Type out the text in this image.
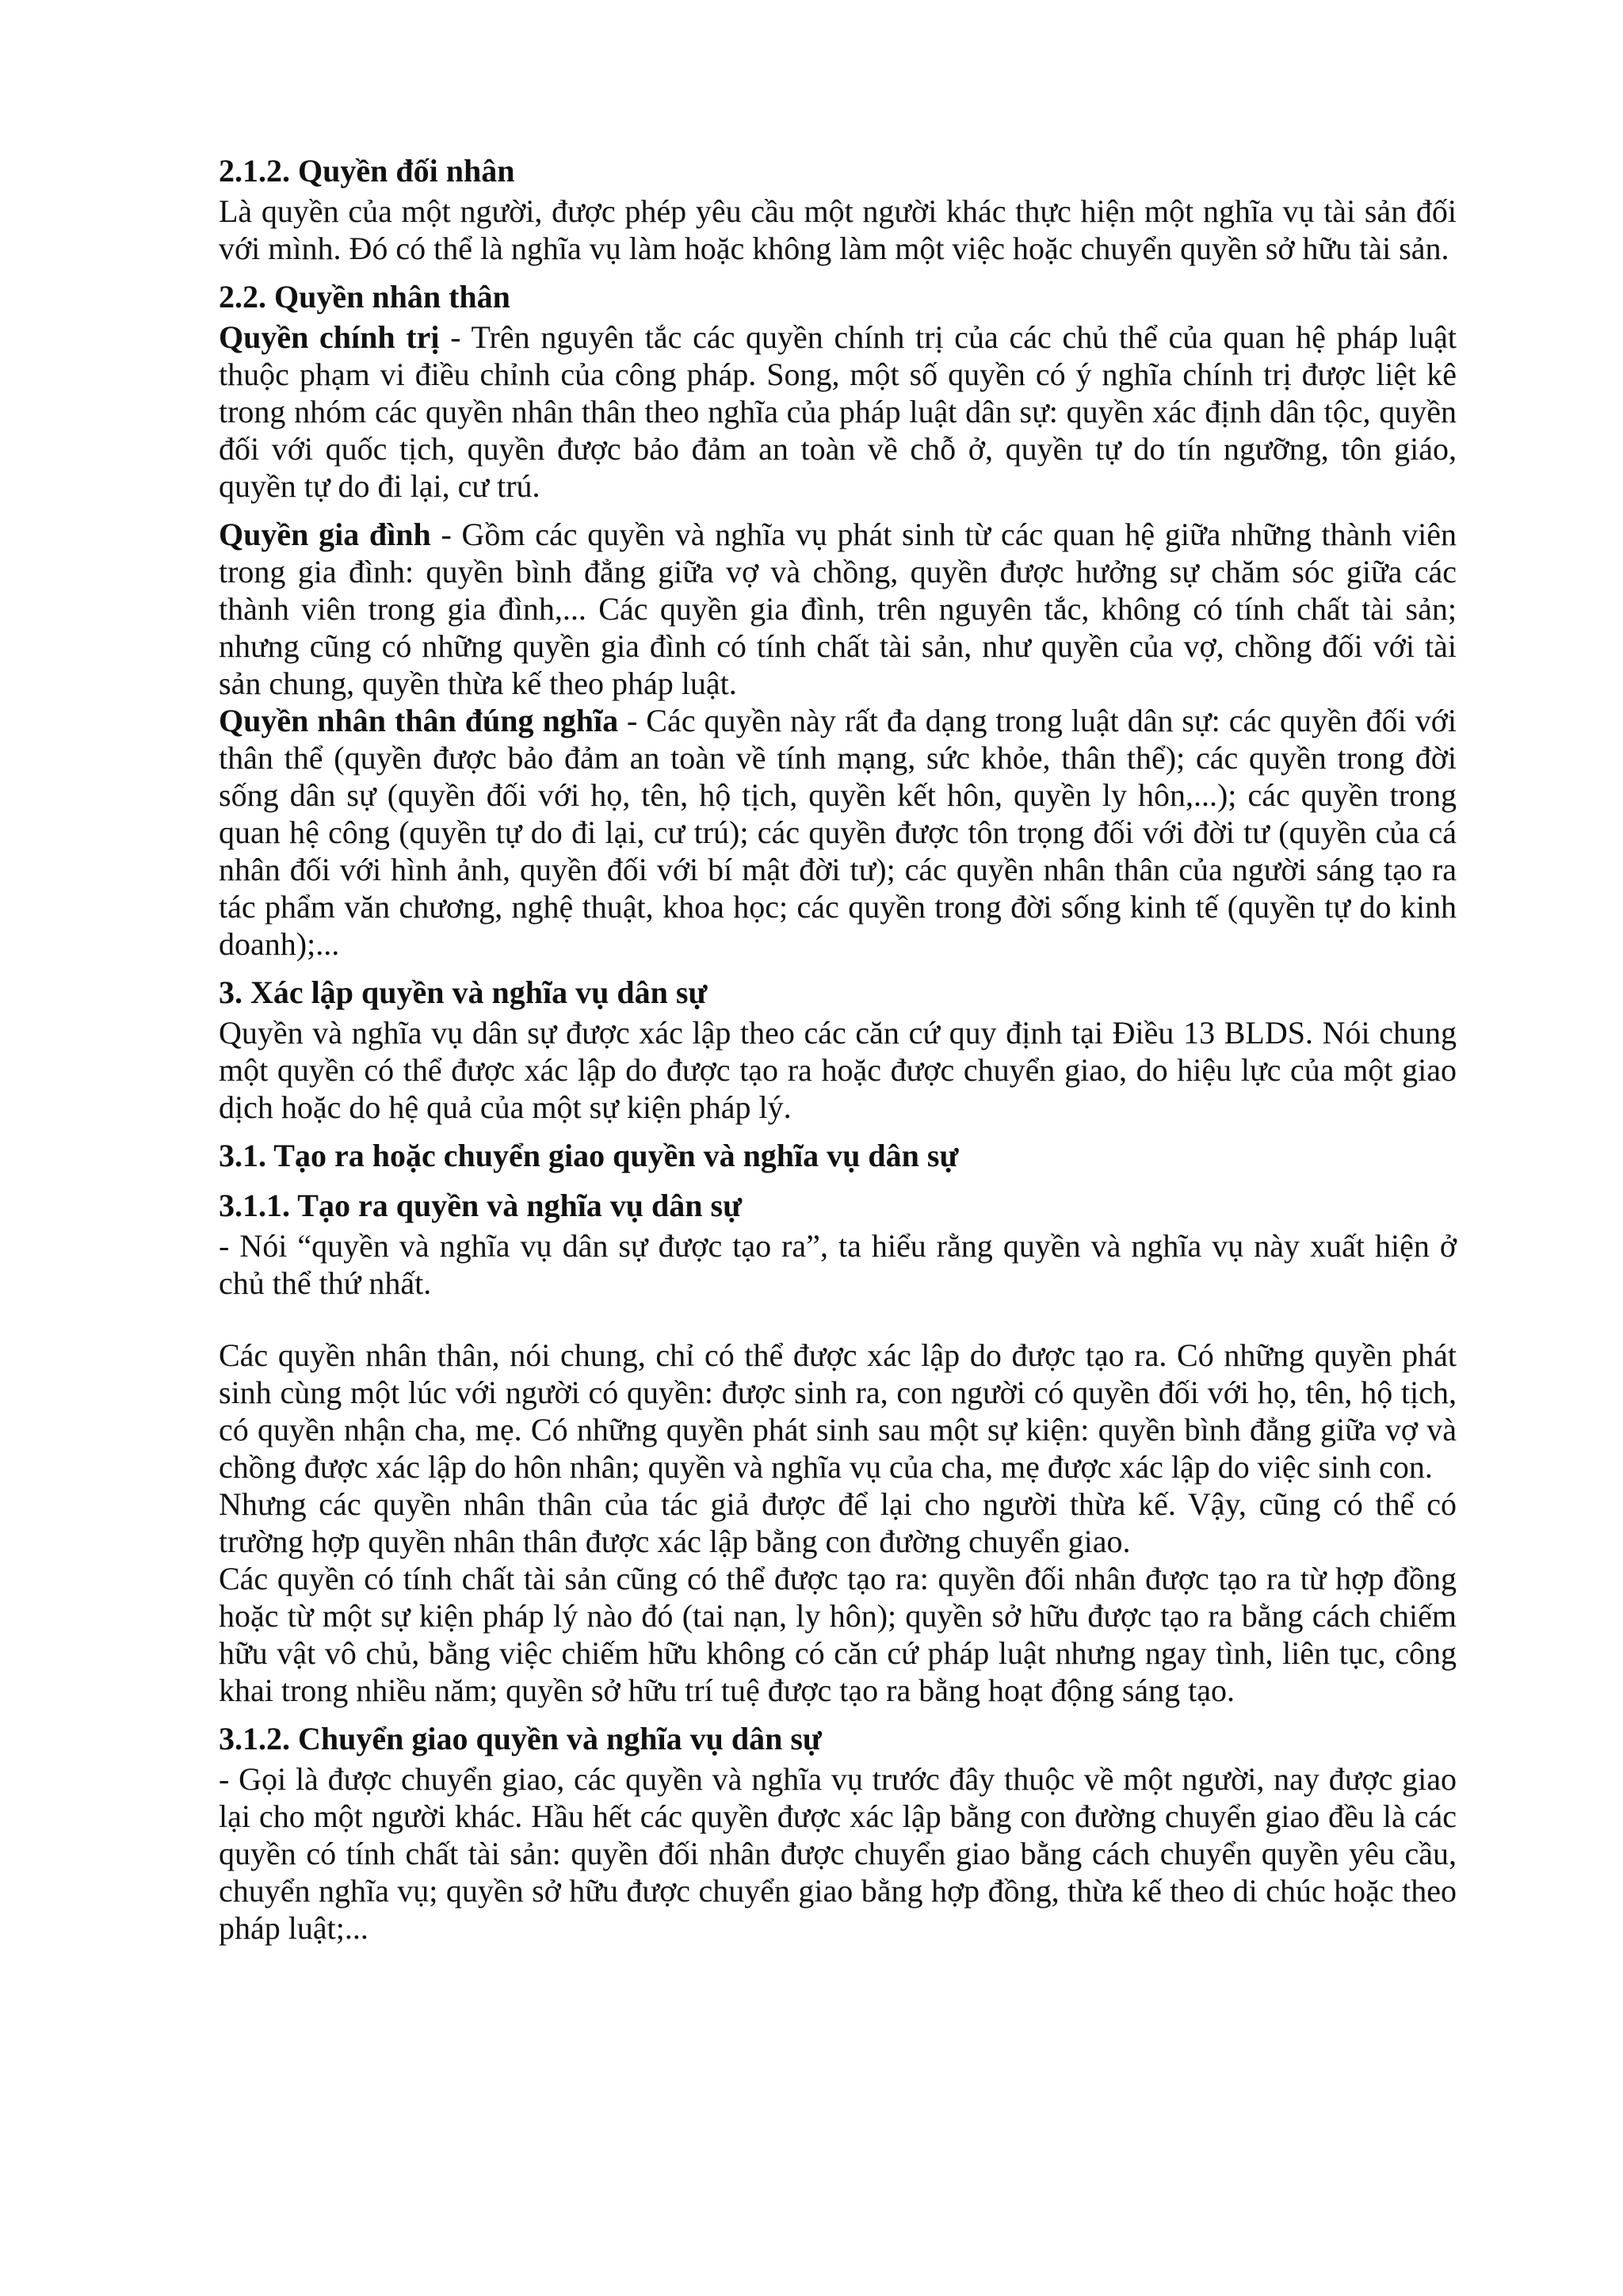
2.1.2. Quyền đối nhân
Là quyền của một người, được phép yêu cầu một người khác thực hiện một nghĩa vụ tài sản đối với mình. Đó có thể là nghĩa vụ làm hoặc không làm một việc hoặc chuyển quyền sở hữu tài sản.
2.2. Quyền nhân thân
Quyền chính trị - Trên nguyên tắc các quyền chính trị của các chủ thể của quan hệ pháp luật thuộc phạm vi điều chỉnh của công pháp. Song, một số quyền có ý nghĩa chính trị được liệt kê trong nhóm các quyền nhân thân theo nghĩa của pháp luật dân sự: quyền xác định dân tộc, quyền đối với quốc tịch, quyền được bảo đảm an toàn về chỗ ở, quyền tự do tín ngưỡng, tôn giáo, quyền tự do đi lại, cư trú.
Quyền gia đình - Gồm các quyền và nghĩa vụ phát sinh từ các quan hệ giữa những thành viên trong gia đình: quyền bình đẳng giữa vợ và chồng, quyền được hưởng sự chăm sóc giữa các thành viên trong gia đình,... Các quyền gia đình, trên nguyên tắc, không có tính chất tài sản; nhưng cũng có những quyền gia đình có tính chất tài sản, như quyền của vợ, chồng đối với tài sản chung, quyền thừa kế theo pháp luật.
Quyền nhân thân đúng nghĩa - Các quyền này rất đa dạng trong luật dân sự: các quyền đối với thân thể (quyền được bảo đảm an toàn về tính mạng, sức khỏe, thân thể); các quyền trong đời sống dân sự (quyền đối với họ, tên, hộ tịch, quyền kết hôn, quyền ly hôn,...); các quyền trong quan hệ công (quyền tự do đi lại, cư trú); các quyền được tôn trọng đối với đời tư (quyền của cá nhân đối với hình ảnh, quyền đối với bí mật đời tư); các quyền nhân thân của người sáng tạo ra tác phẩm văn chương, nghệ thuật, khoa học; các quyền trong đời sống kinh tế (quyền tự do kinh doanh);...
3. Xác lập quyền và nghĩa vụ dân sự
Quyền và nghĩa vụ dân sự được xác lập theo các căn cứ quy định tại Điều 13 BLDS. Nói chung một quyền có thể được xác lập do được tạo ra hoặc được chuyển giao, do hiệu lực của một giao dịch hoặc do hệ quả của một sự kiện pháp lý.
3.1. Tạo ra hoặc chuyển giao quyền và nghĩa vụ dân sự
3.1.1. Tạo ra quyền và nghĩa vụ dân sự
- Nói “quyền và nghĩa vụ dân sự được tạo ra”, ta hiểu rằng quyền và nghĩa vụ này xuất hiện ở chủ thể thứ nhất.
Các quyền nhân thân, nói chung, chỉ có thể được xác lập do được tạo ra. Có những quyền phát sinh cùng một lúc với người có quyền: được sinh ra, con người có quyền đối với họ, tên, hộ tịch, có quyền nhận cha, mẹ. Có những quyền phát sinh sau một sự kiện: quyền bình đẳng giữa vợ và chồng được xác lập do hôn nhân; quyền và nghĩa vụ của cha, mẹ được xác lập do việc sinh con.
Nhưng các quyền nhân thân của tác giả được để lại cho người thừa kế. Vậy, cũng có thể có trường hợp quyền nhân thân được xác lập bằng con đường chuyển giao.
Các quyền có tính chất tài sản cũng có thể được tạo ra: quyền đối nhân được tạo ra từ hợp đồng hoặc từ một sự kiện pháp lý nào đó (tai nạn, ly hôn); quyền sở hữu được tạo ra bằng cách chiếm hữu vật vô chủ, bằng việc chiếm hữu không có căn cứ pháp luật nhưng ngay tình, liên tục, công khai trong nhiều năm; quyền sở hữu trí tuệ được tạo ra bằng hoạt động sáng tạo.
3.1.2. Chuyển giao quyền và nghĩa vụ dân sự
- Gọi là được chuyển giao, các quyền và nghĩa vụ trước đây thuộc về một người, nay được giao lại cho một người khác. Hầu hết các quyền được xác lập bằng con đường chuyển giao đều là các quyền có tính chất tài sản: quyền đối nhân được chuyển giao bằng cách chuyển quyền yêu cầu, chuyển nghĩa vụ; quyền sở hữu được chuyển giao bằng hợp đồng, thừa kế theo di chúc hoặc theo pháp luật;...
